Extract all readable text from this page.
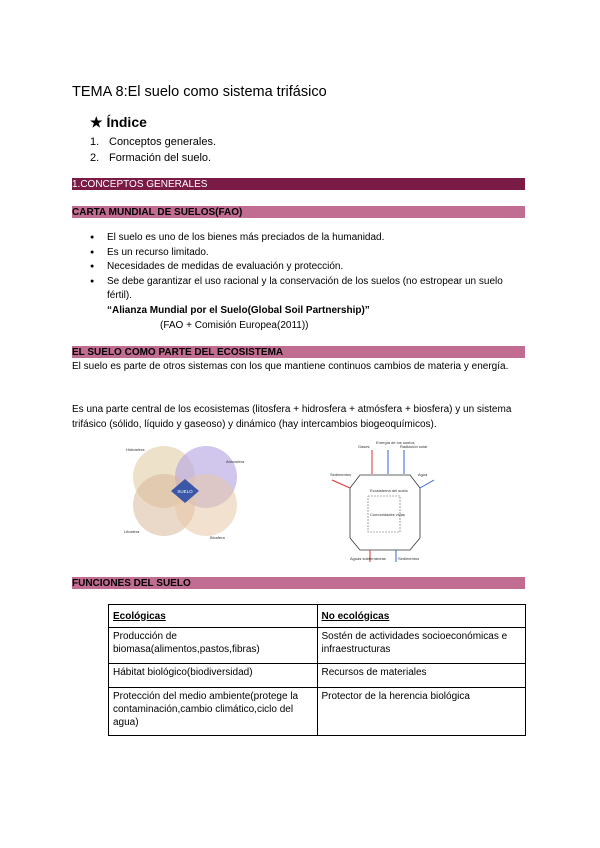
TEMA 8:El suelo como sistema trifásico
★ Índice
1. Conceptos generales.
2. Formación del suelo.
1.CONCEPTOS GENERALES
CARTA MUNDIAL DE SUELOS(FAO)
● El suelo es uno de los bienes más preciados de la humanidad.
● Es un recurso limitado.
● Necesidades de medidas de evaluación y protección.
● Se debe garantizar el uso racional y la conservación de los suelos (no estropear un suelo fértil).
“Alianza Mundial por el Suelo(Global Soil Partnership)”
(FAO + Comisión Europea(2011))
EL SUELO COMO PARTE DEL ECOSISTEMA

El suelo es parte de otros sistemas con los que mantiene continuos cambios de materia y energía.

Es una parte central de los ecosistemas (litosfera + hidrosfera + atmósfera + biosfera) y un sistema trifásico (sólido, líquido y gaseoso) y dinámico (hay intercambios biogeoquímicos).

SUELO
Hidrosfera
Atmósfera
Litosfera
Biosfera
Gases
Energía de los suelos
Radiación solar
Sedimentos	Agua
Ecosistema del suelo
Comunidades vivas
Aguas subterráneas	Sedimentos
FUNCIONES DEL SUELO
Ecológicas	No ecológicas
Producción de biomasa(alimentos,pastos,fibras)	Sostén de actividades socioeconómicas e infraestructuras
Hábitat biológico(biodiversidad)	Recursos de materiales
Protección del medio ambiente(protege la contaminación,cambio climático,ciclo del agua)	Protector de la herencia biológica
